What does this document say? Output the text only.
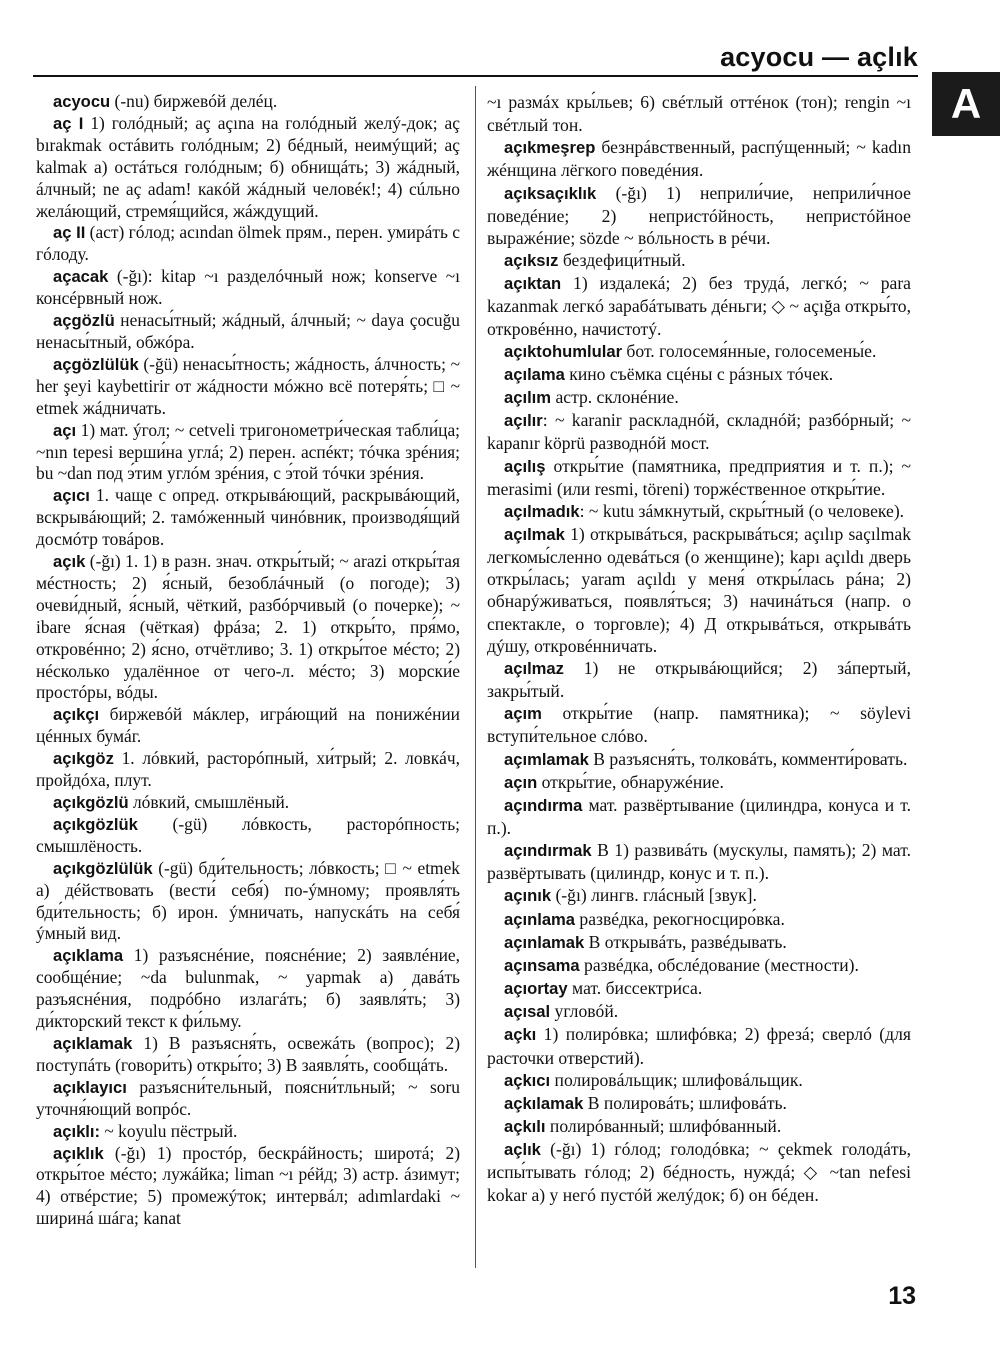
acyocu — açlık
A

acyocu (-nu) биржевóй делéц.

aç I 1) голóдный; aç açına на голóдный желý-док; aç bırakmak остáвить голóдным; 2) бéдный, неимýщий; aç kalmak а) остáться голóдным; б) обнищáть; 3) жáдный, áлчный; ne aç adam! какóй жáдный человéк!; 4) сúльно желáющий, стремя́щийся, жáждущий.

aç II (аст) гóлод; acından ölmek прям., перен. умирáть с гóлоду.

açacak (-ğı): kitap ~ı разделóчный нож; konserve ~ı консéрвный нож.

açgözlü ненасы́тный; жáдный, áлчный; ~ daya çocuğu ненасы́тный, обжóра.

açgözlülük (-ğü) ненасы́тность; жáдность, áлчность; ~ her şeyi kaybettirir от жáдности мóжно всё потеря́ть; □ ~ etmek жáдничать.

açı 1) мат. ýгол; ~ cetveli тригонометри́ческая табли́ца; ~nın tepesi верши́на углá; 2) перен. аспéкт; тóчка зрéния; bu ~dan под э́тим углóм зрéния, с э́той тóчки зрéния.

açıcı 1. чаще с опред. открывáющий, раскрывáющий, вскрывáющий; 2. тамóженный чинóвник, производя́щий досмóтр товáров.

açık (-ğı) 1. 1) в разн. знач. откры́тый; ~ arazi откры́тая мéстность; 2) я́сный, безоблáчный (о погоде); 3) очеви́дный, я́сный, чёткий, разбóрчивый (о почерке); ~ ibare я́сная (чёткая) фрáза; 2. 1) откры́то, пря́мо, откровéнно; 2) я́сно, отчётливо; 3. 1) откры́тое мéсто; 2) нéсколько удалённое от чего-л. мéсто; 3) морски́е простóры, вóды.

açıkçı биржевóй мáклер, игрáющий на понижéнии цéнных бумáг.

açıkgöz 1. лóвкий, расторóпный, хи́трый; 2. ловкáч, пройдóха, плут.

açıkgözlü лóвкий, смышлёный.

açıkgözlük (-gü) лóвкость, расторóпность; смышлёность.

açıkgözlülük (-gü) бди́тельность; лóвкость; □ ~ etmek а) дéйствовать (вести́ себя́) по-ýмному; проявля́ть бди́тельность; б) ирон. ýмничать, напускáть на себя́ ýмный вид.

açıklama 1) разъяснéние, пояснéние; 2) заявлéние, сообщéние; ~da bulunmak, ~ yapmak а) давáть разъяснéния, подрóбно излагáть; б) заявля́ть; 3) ди́кторский текст к фи́льму.

açıklamak 1) В разъясня́ть, освежáть (вопрос); 2) поступáть (говори́ть) откры́то; 3) В заявля́ть, сообщáть.

açıklayıcı разъясни́тельный, поясни́тльный; ~ soru уточня́ющий вопрóс.

açıklı: ~ koyulu пёстрый.

açıklık (-ğı) 1) простóр, бескрáйность; широтá; 2) откры́тое мéсто; лужáйка; liman ~ı рéйд; 3) астр. áзимут; 4) отвéрстие; 5) промежýток; интервáл; adımlardaki ~ ширинá шáга; kanat

~ı размáх кры́льев; 6) свéтлый оттéнок (тон); rengin ~ı свéтлый тон.

açıkmeşrep безнрáвственный, распýщенный; ~ kadın жéнщина лёгкого поведéния.

açıksaçıklık (-ğı) 1) неприли́чие, неприли́чное поведéние; 2) непристóйность, непристóйное выражéние; sözde ~ вóльность в рéчи.

açıksız бездефици́тный.

açıktan 1) издалекá; 2) без трудá, легкó; ~ para kazanmak легкó зарабáтывать дéньги; ◇ ~ açığa откры́то, откровéнно, начистотý.

açıktohumlular бот. голосемя́нные, голосемены́е.

açılama кино съёмка сцéны с рáзных тóчек.

açılım астр. склонéние.

açılır: ~ karanir раскладнóй, складнóй; разбóрный; ~ kapanır köprü разводнóй мост.

açılış откры́тие (памятника, предприятия и т. п.); ~ merasimi (или resmi, töreni) торжéственное откры́тие.

açılmadık: ~ kutu зáмкнутый, скры́тный (о человеке).

açılmak 1) открывáться, раскрывáться; açılıp saçılmak легкомы́сленно одевáться (о женщине); kapı açıldı дверь откры́лась; yaram açıldı у меня́ откры́лась рáна; 2) обнарýживаться, появля́ться; 3) начинáться (напр. о спектакле, о торговле); 4) Д открывáться, открывáть дýшу, откровéнничать.

açılmaz 1) не открывáющийся; 2) зáпертый, закры́тый.

açım откры́тие (напр. памятника); ~ söylevi вступи́тельное слóво.

açımlamak В разъясня́ть, толковáть, комменти́ровать.

açın откры́тие, обнаружéние.

açındırma мат. развёртывание (цилиндра, конуса и т. п.).

açındırmak В 1) развивáть (мускулы, память); 2) мат. развёртывать (цилиндр, конус и т. п.).

açınık (-ğı) лингв. глáсный [звук].

açınlama развéдка, рекогносциро́вка.

açınlamak В открывáть, развéдывать.

açınsama развéдка, обслéдование (местности).

açıortay мат. биссектри́са.

açısal угловóй.

açkı 1) полирóвка; шлифóвка; 2) фрезá; сверлó (для расточки отверстий).

açkıcı полировáльщик; шлифовáльщик.

açkılamak В полировáть; шлифовáть.

açkılı полирóванный; шлифóванный.

açlık (-ğı) 1) гóлод; голодóвка; ~ çekmek голодáть, испы́тывать гóлод; 2) бéдность, нуждá; ◇ ~tan nefesi kokar а) у негó пустóй желýдок; б) он бéден.

13
